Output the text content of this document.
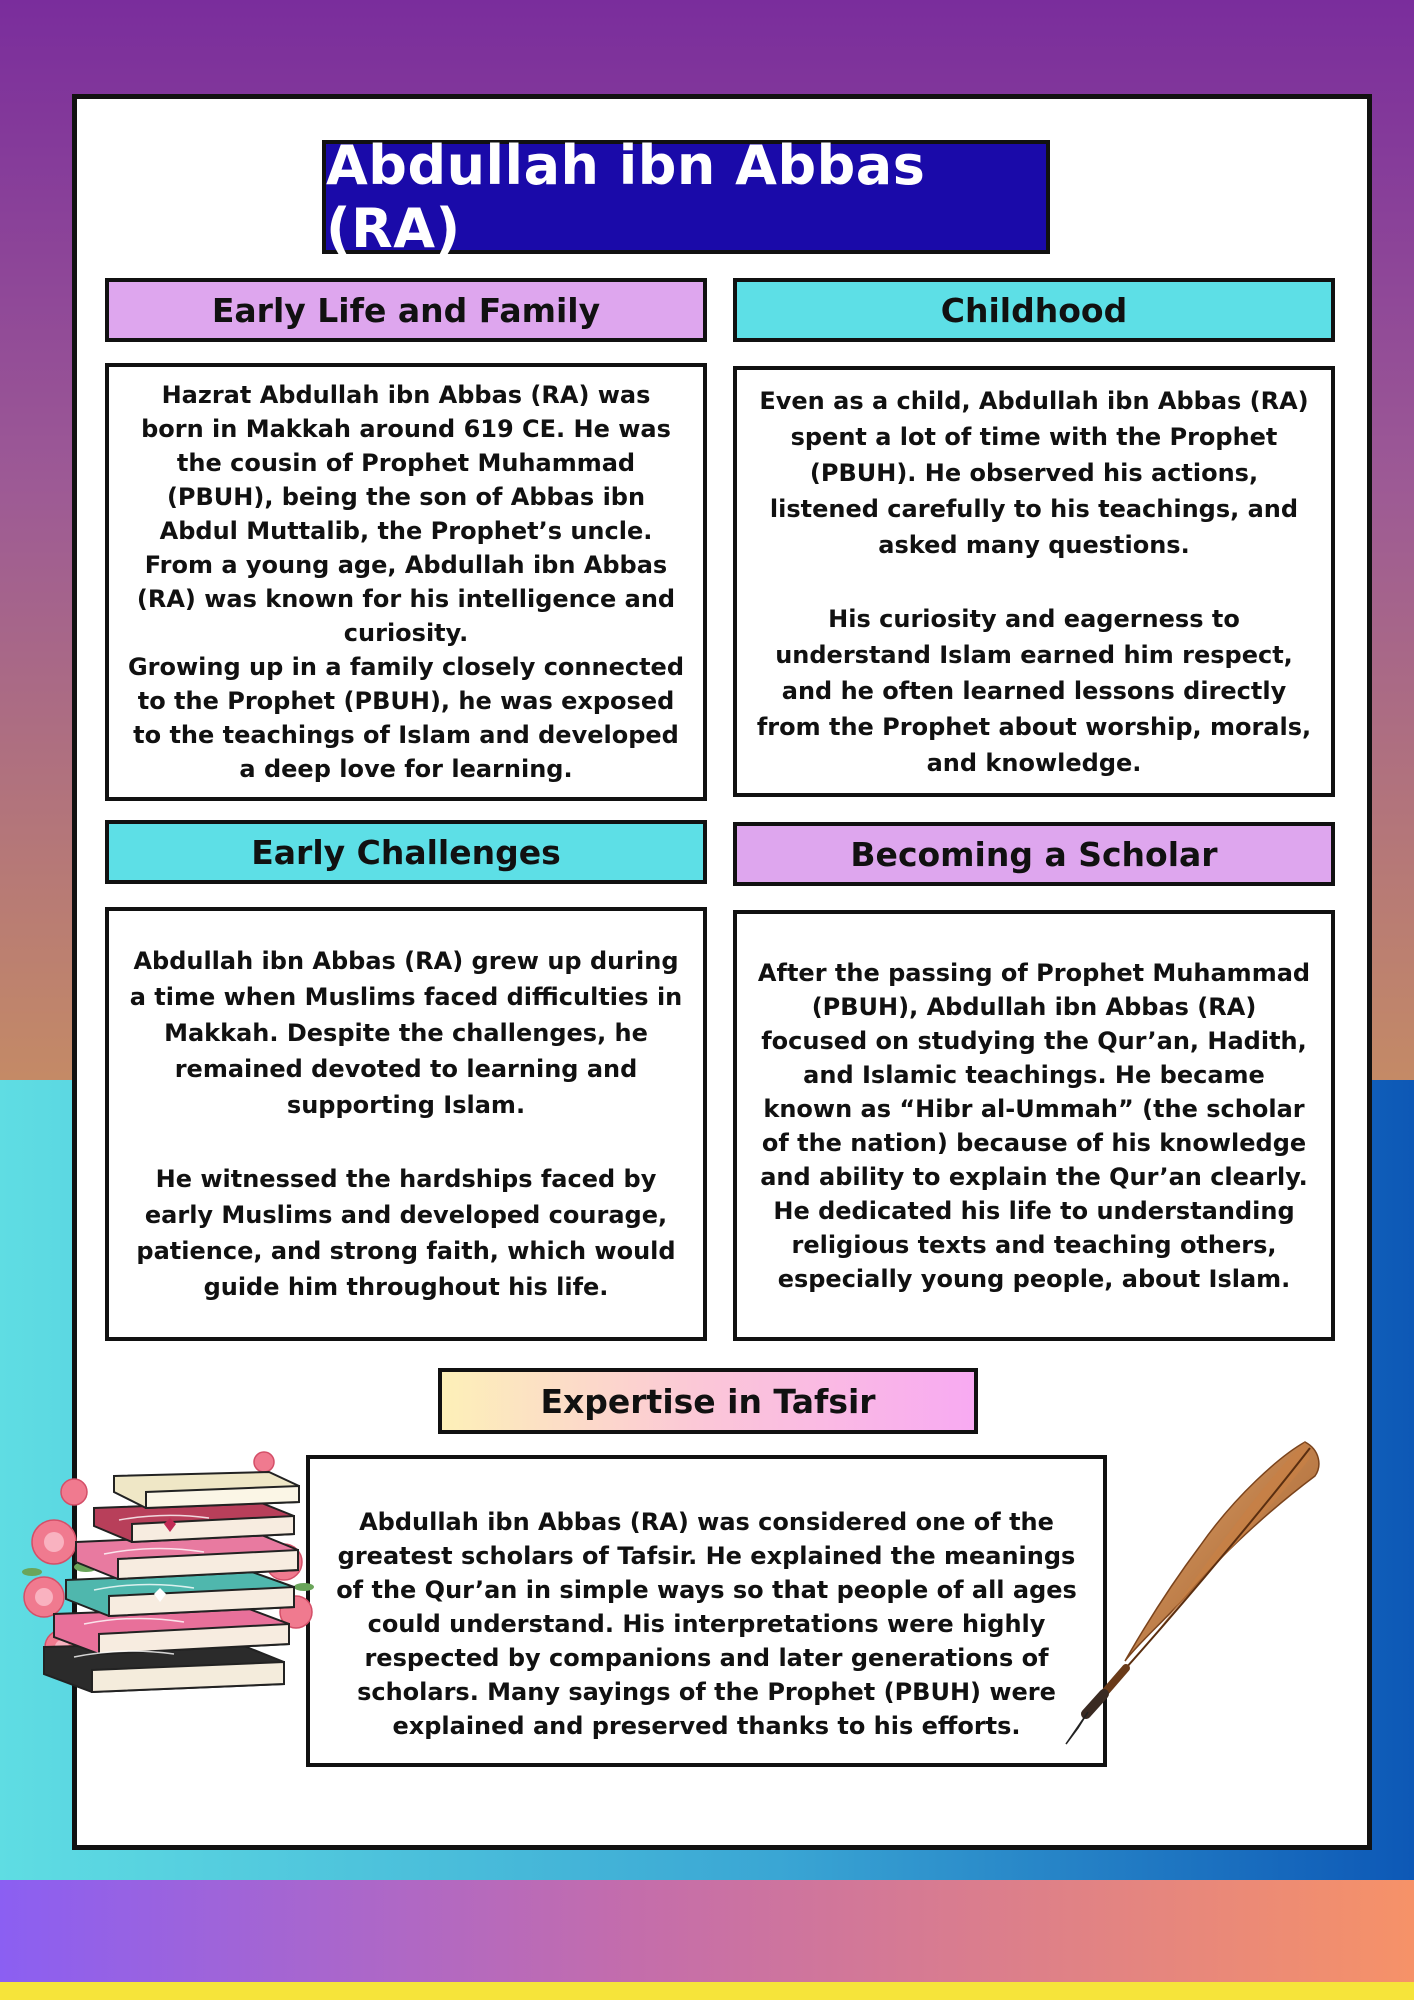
Abdullah ibn Abbas (RA)
Early Life and Family

Hazrat Abdullah ibn Abbas (RA) was born in Makkah around 619 CE. He was the cousin of Prophet Muhammad (PBUH), being the son of Abbas ibn Abdul Muttalib, the Prophet’s uncle. From a young age, Abdullah ibn Abbas (RA) was known for his intelligence and curiosity.

Growing up in a family closely connected to the Prophet (PBUH), he was exposed to the teachings of Islam and developed a deep love for learning.

Childhood

Even as a child, Abdullah ibn Abbas (RA) spent a lot of time with the Prophet (PBUH). He observed his actions, listened carefully to his teachings, and asked many questions.

His curiosity and eagerness to understand Islam earned him respect, and he often learned lessons directly from the Prophet about worship, morals, and knowledge.

Early Challenges

Abdullah ibn Abbas (RA) grew up during a time when Muslims faced difficulties in Makkah. Despite the challenges, he remained devoted to learning and supporting Islam.

He witnessed the hardships faced by early Muslims and developed courage, patience, and strong faith, which would guide him throughout his life.

Becoming a Scholar

After the passing of Prophet Muhammad (PBUH), Abdullah ibn Abbas (RA) focused on studying the Qur’an, Hadith, and Islamic teachings. He became known as “Hibr al-Ummah” (the scholar of the nation) because of his knowledge and ability to explain the Qur’an clearly.

He dedicated his life to understanding religious texts and teaching others, especially young people, about Islam.

Expertise in Tafsir

Abdullah ibn Abbas (RA) was considered one of the greatest scholars of Tafsir. He explained the meanings of the Qur’an in simple ways so that people of all ages could understand. His interpretations were highly respected by companions and later generations of scholars. Many sayings of the Prophet (PBUH) were explained and preserved thanks to his efforts.
